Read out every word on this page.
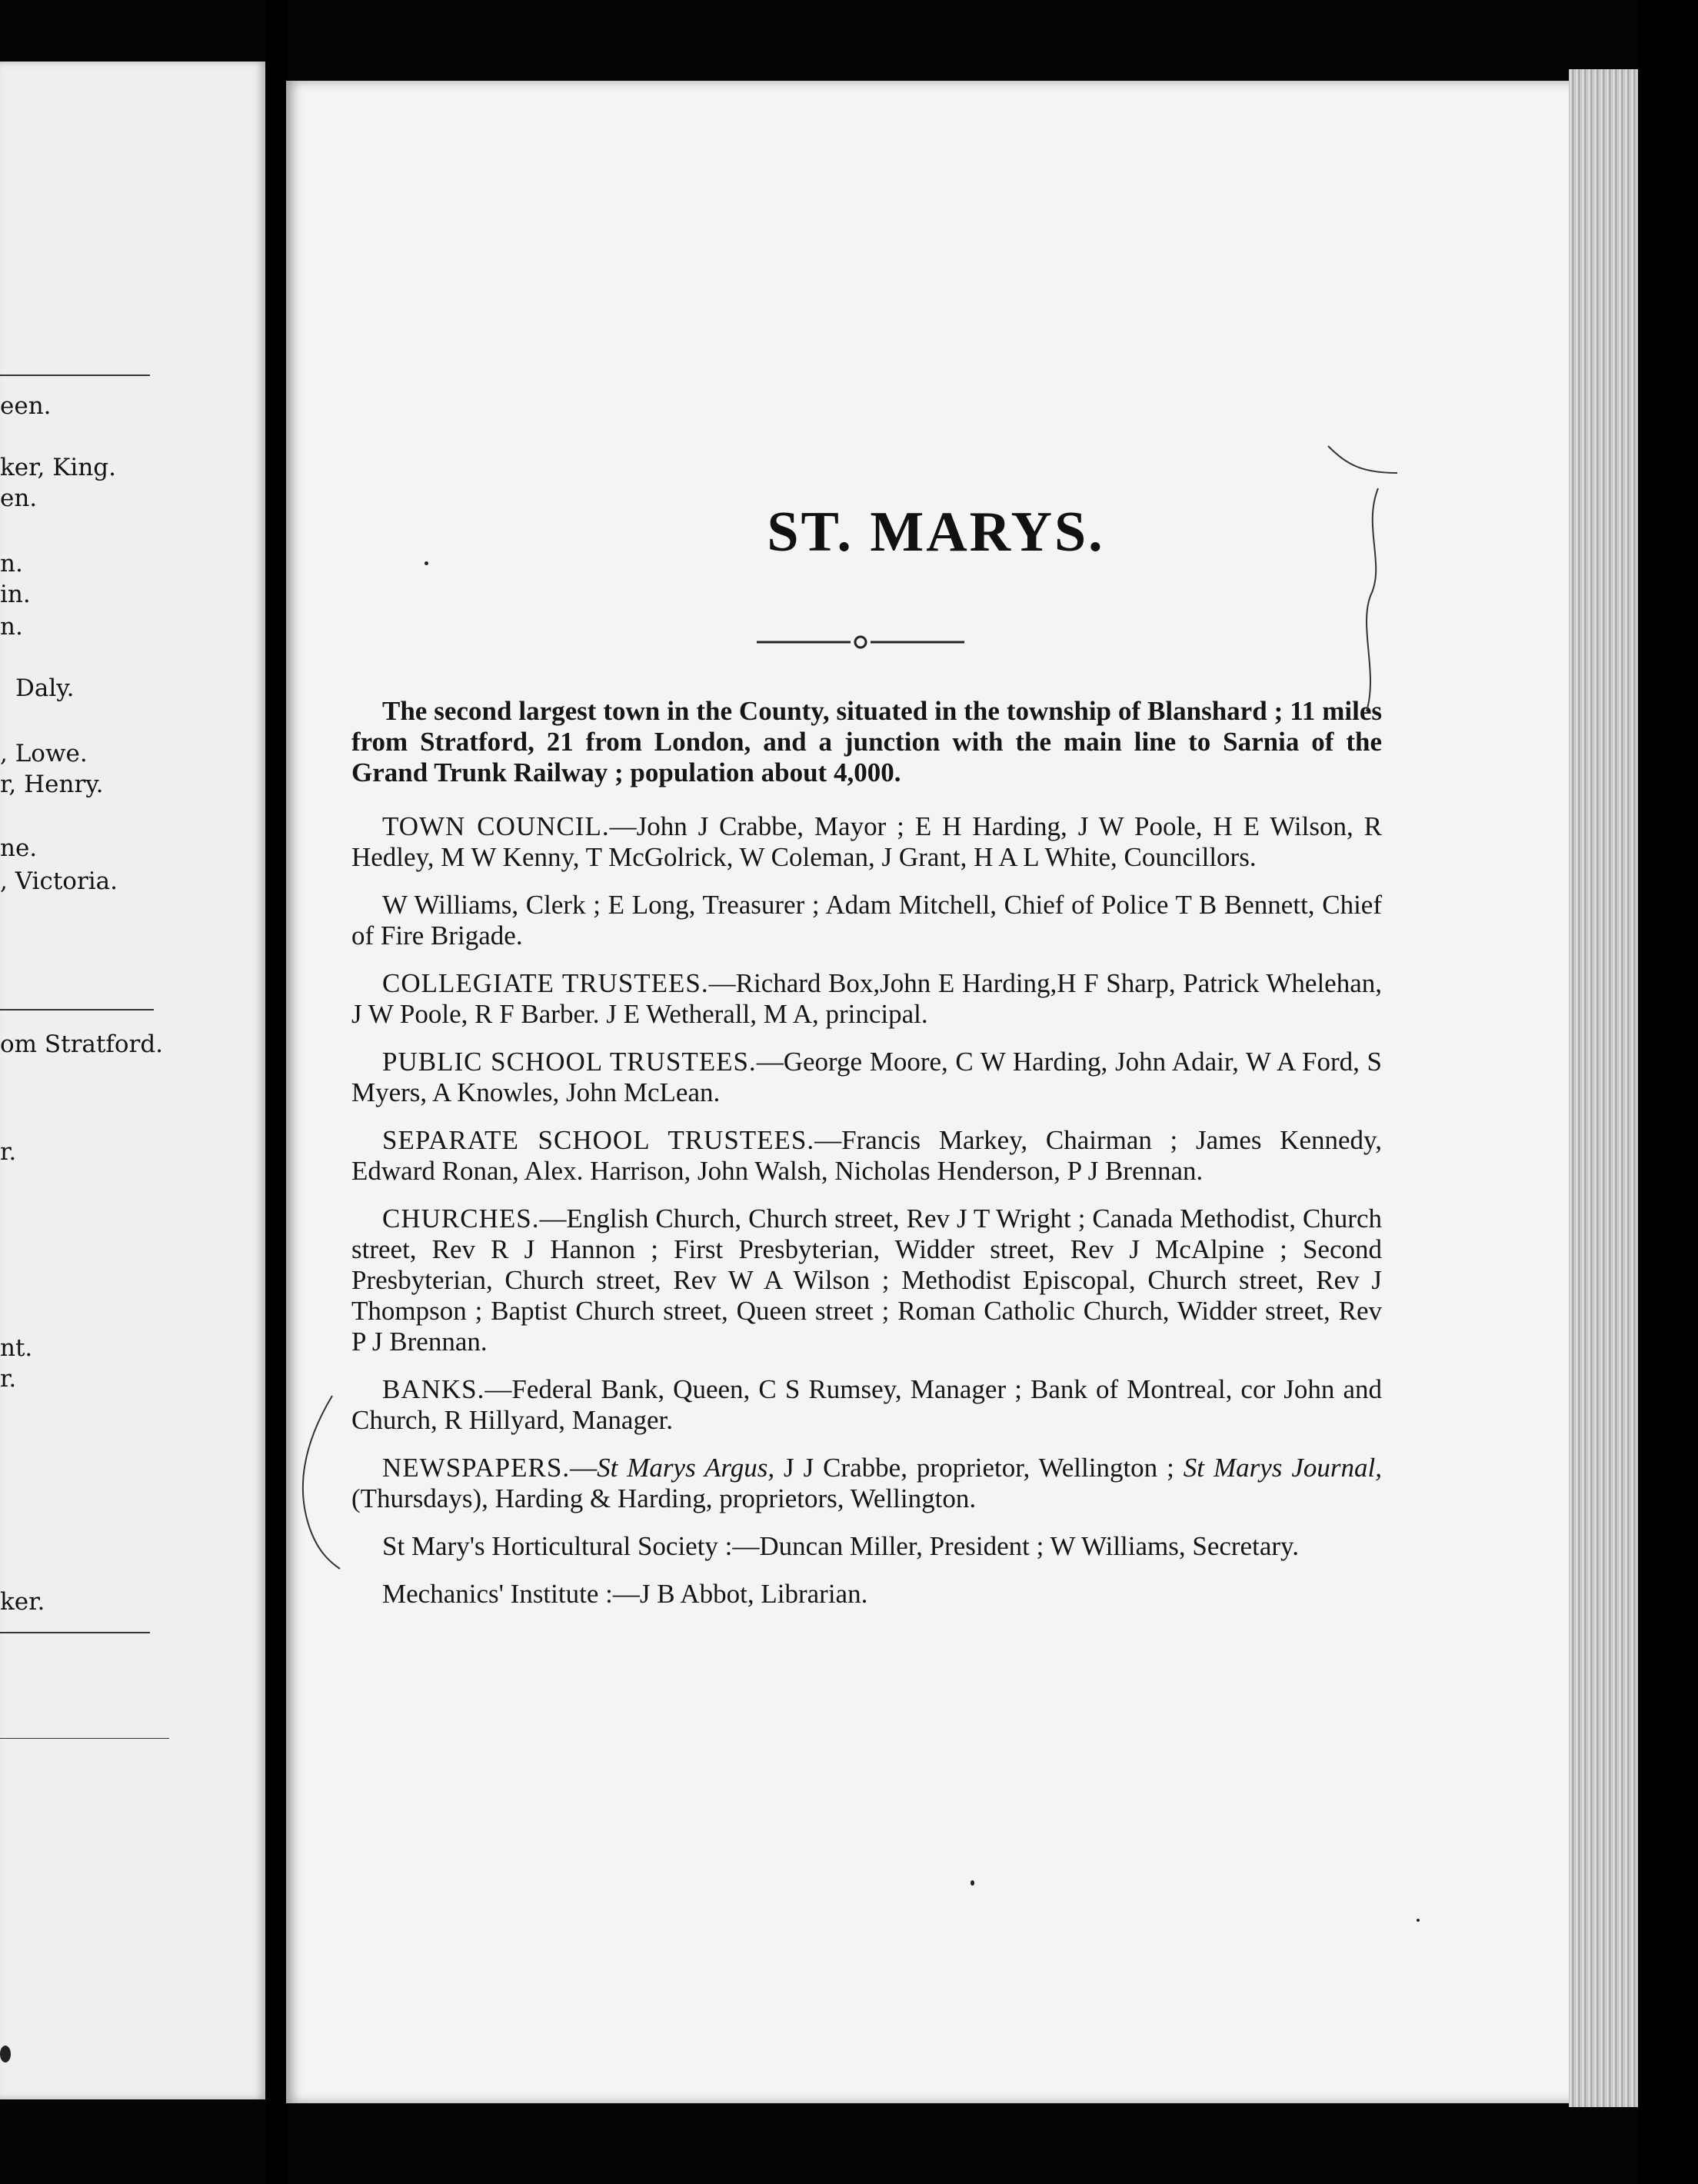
een.
ker, King.
en.
n.
in.
n.
Daly.
, Lowe.
r, Henry.
ne.
, Victoria.
om Stratford.
r.
nt.
r.
ker.
ST. MARYS.

The second largest town in the County, situated in the township of Blanshard ; 11 miles from Stratford, 21 from London, and a junction with the main line to Sarnia of the Grand Trunk Railway ; population about 4,000.

TOWN COUNCIL.—John J Crabbe, Mayor ; E H Harding, J W Poole, H E Wilson, R Hedley, M W Kenny, T McGolrick, W Coleman, J Grant, H A L White, Councillors.

W Williams, Clerk ; E Long, Treasurer ; Adam Mitchell, Chief of Police T B Bennett, Chief of Fire Brigade.

COLLEGIATE TRUSTEES.—Richard Box,John E Harding,H F Sharp, Patrick Whelehan, J W Poole, R F Barber. J E Wetherall, M A, principal.

PUBLIC SCHOOL TRUSTEES.—George Moore, C W Harding, John Adair, W A Ford, S Myers, A Knowles, John McLean.

SEPARATE SCHOOL TRUSTEES.—Francis Markey, Chairman ; James Kennedy, Edward Ronan, Alex. Harrison, John Walsh, Nicholas Henderson, P J Brennan.

CHURCHES.—English Church, Church street, Rev J T Wright ; Canada Methodist, Church street, Rev R J Hannon ; First Presbyterian, Widder street, Rev J McAlpine ; Second Presbyterian, Church street, Rev W A Wilson ; Methodist Episcopal, Church street, Rev J Thompson ; Baptist Church street, Queen street ; Roman Catholic Church, Widder street, Rev P J Brennan.

BANKS.—Federal Bank, Queen, C S Rumsey, Manager ; Bank of Montreal, cor John and Church, R Hillyard, Manager.

NEWSPAPERS.—St Marys Argus, J J Crabbe, proprietor, Wellington ; St Marys Journal, (Thursdays), Harding & Harding, proprietors, Wellington.

St Mary's Horticultural Society :—Duncan Miller, President ; W Williams, Secretary.

Mechanics' Institute :—J B Abbot, Librarian.
